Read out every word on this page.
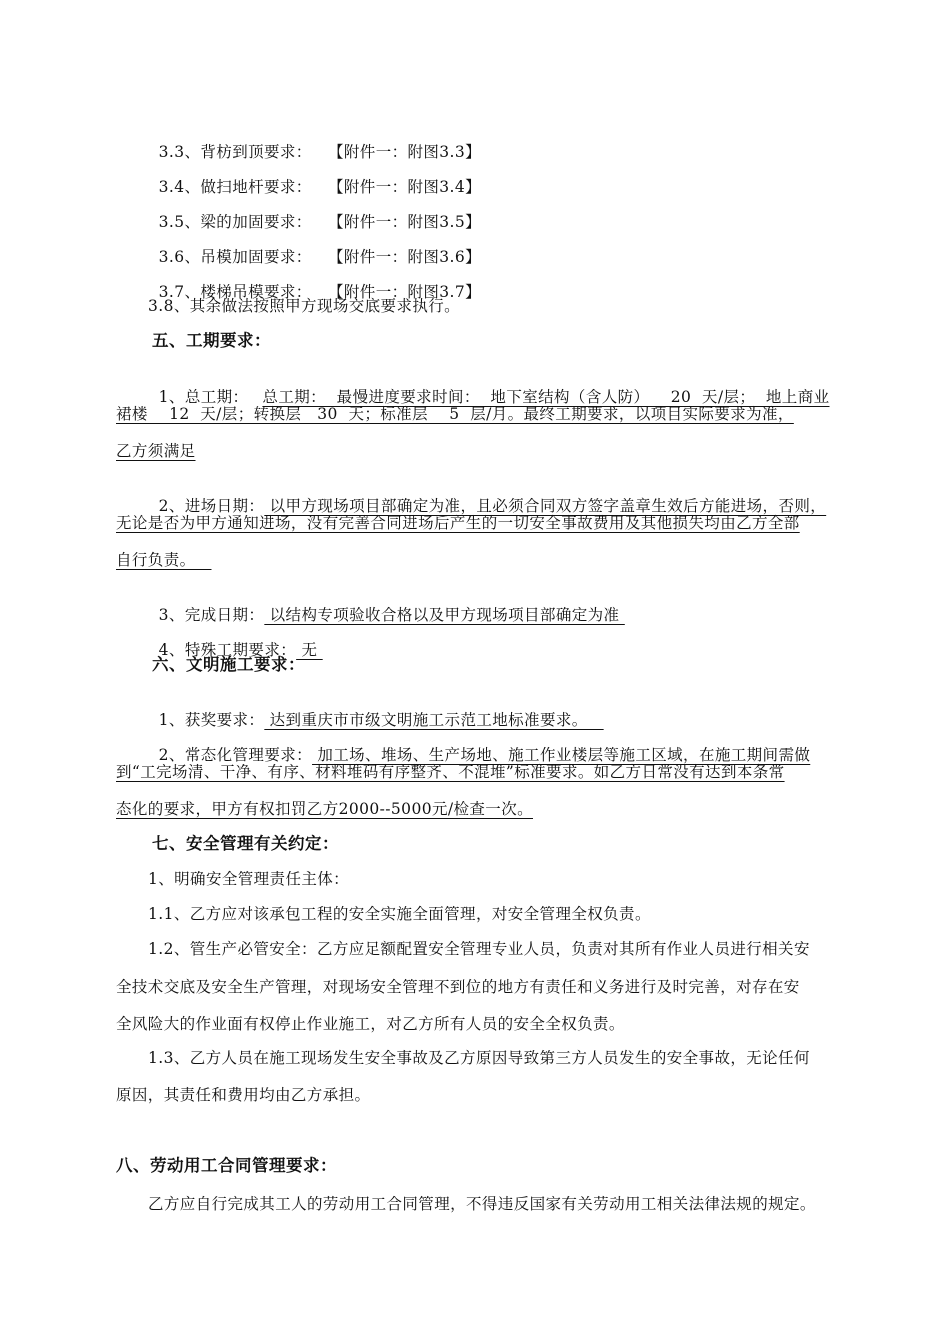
3.3、背枋到顶要求： 【附件一：附图3.3】

3.4、做扫地杆要求： 【附件一：附图3.4】

3.5、梁的加固要求： 【附件一：附图3.5】

3.6、吊模加固要求： 【附件一：附图3.6】

3.7、楼梯吊模要求： 【附件一：附图3.7】

3.8、其余做法按照甲方现场交底要求执行。
五、工期要求：

1、总工期： 总工期：  最慢进度要求时间：  地下室结构（含人防）    20  天/层；  地上商业

裙楼    12  天/层；转换层   30  天；标准层    5  层/月。最终工期要求，以项目实际要求为准，
乙方须满足

2、进场日期： 以甲方现场项目部确定为准，且必须合同双方签字盖章生效后方能进场，否则，

无论是否为甲方通知进场，没有完善合同进场后产生的一切安全事故费用及其他损失均由乙方全部
自行负责。

3、完成日期： 以结构专项验收合格以及甲方现场项目部确定为准

4、特殊工期要求： 无

六、文明施工要求：

1、获奖要求： 达到重庆市市级文明施工示范工地标准要求。

2、常态化管理要求： 加工场、堆场、生产场地、施工作业楼层等施工区域，在施工期间需做

到“工完场清、干净、有序、材料堆码有序整齐、不混堆”标准要求。如乙方日常没有达到本条常
态化的要求，甲方有权扣罚乙方2000--5000元/检查一次。
七、安全管理有关约定：
1、明确安全管理责任主体：
1.1、乙方应对该承包工程的安全实施全面管理，对安全管理全权负责。
1.2、管生产必管安全：乙方应足额配置安全管理专业人员，负责对其所有作业人员进行相关安
全技术交底及安全生产管理，对现场安全管理不到位的地方有责任和义务进行及时完善，对存在安
全风险大的作业面有权停止作业施工，对乙方所有人员的安全全权负责。
1.3、乙方人员在施工现场发生安全事故及乙方原因导致第三方人员发生的安全事故，无论任何
原因，其责任和费用均由乙方承担。
八、劳动用工合同管理要求：
乙方应自行完成其工人的劳动用工合同管理，不得违反国家有关劳动用工相关法律法规的规定。
